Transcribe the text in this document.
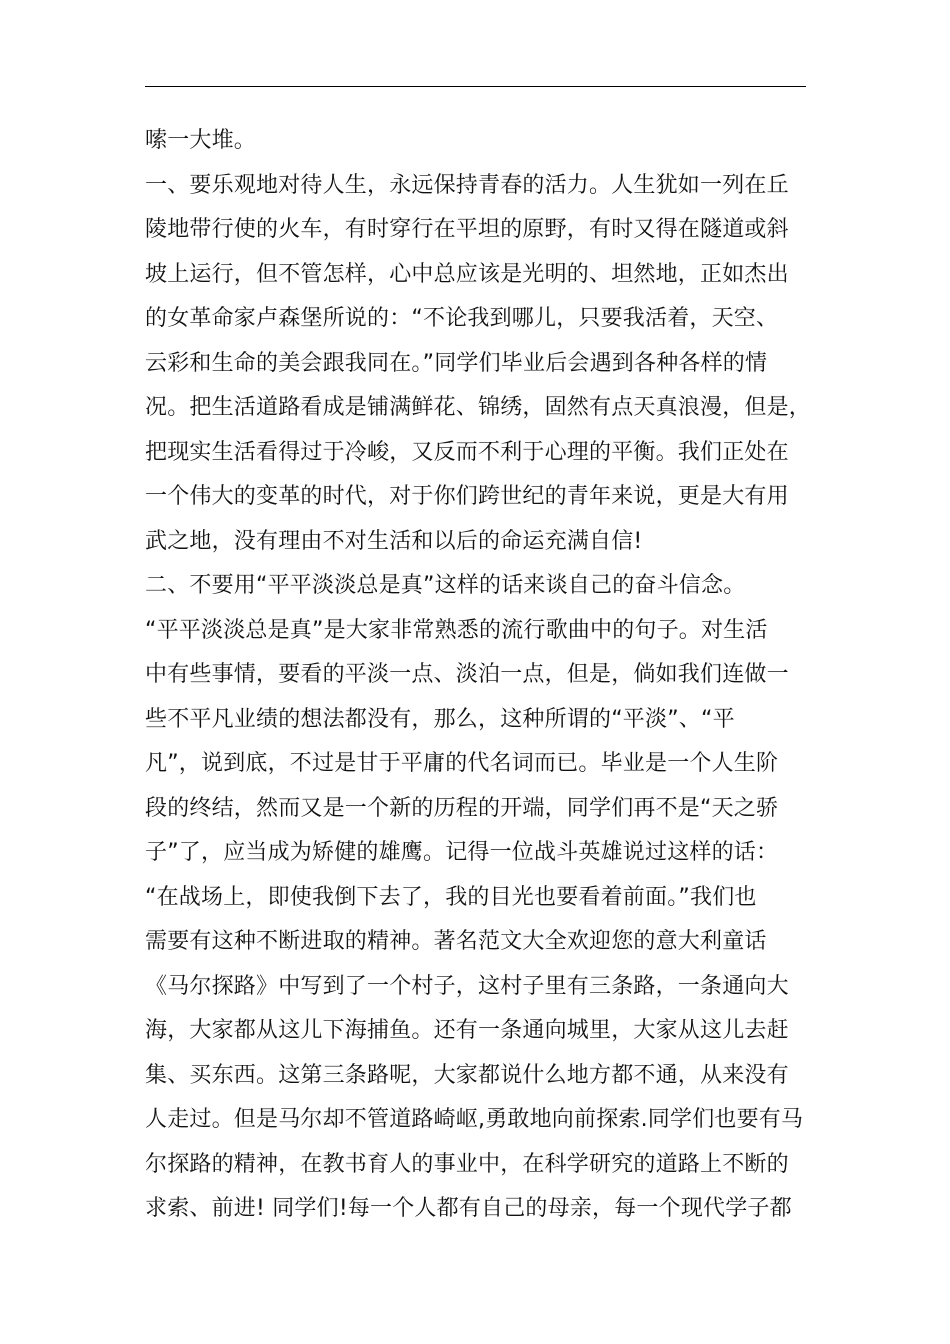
嗦一大堆。
一、要乐观地对待人生，永远保持青春的活力。人生犹如一列在丘
陵地带行使的火车，有时穿行在平坦的原野，有时又得在隧道或斜
坡上运行，但不管怎样，心中总应该是光明的、坦然地，正如杰出
的女革命家卢森堡所说的：“不论我到哪儿，只要我活着，天空、
云彩和生命的美会跟我同在。”同学们毕业后会遇到各种各样的情
况。把生活道路看成是铺满鲜花、锦绣，固然有点天真浪漫，但是，
把现实生活看得过于冷峻，又反而不利于心理的平衡。我们正处在
一个伟大的变革的时代，对于你们跨世纪的青年来说，更是大有用
武之地，没有理由不对生活和以后的命运充满自信!
二、不要用“平平淡淡总是真”这样的话来谈自己的奋斗信念。
“平平淡淡总是真”是大家非常熟悉的流行歌曲中的句子。对生活
中有些事情，要看的平淡一点、淡泊一点，但是，倘如我们连做一
些不平凡业绩的想法都没有，那么，这种所谓的“平淡”、“平
凡”，说到底，不过是甘于平庸的代名词而已。毕业是一个人生阶
段的终结，然而又是一个新的历程的开端，同学们再不是“天之骄
子”了，应当成为矫健的雄鹰。记得一位战斗英雄说过这样的话：
“在战场上，即使我倒下去了，我的目光也要看着前面。”我们也
需要有这种不断进取的精神。著名范文大全欢迎您的意大利童话
《马尔探路》中写到了一个村子，这村子里有三条路，一条通向大
海，大家都从这儿下海捕鱼。还有一条通向城里，大家从这儿去赶
集、买东西。这第三条路呢，大家都说什么地方都不通，从来没有
人走过。但是马尔却不管道路崎岖,勇敢地向前探索.同学们也要有马
尔探路的精神，在教书育人的事业中，在科学研究的道路上不断的
求索、前进! 同学们!每一个人都有自己的母亲，每一个现代学子都
